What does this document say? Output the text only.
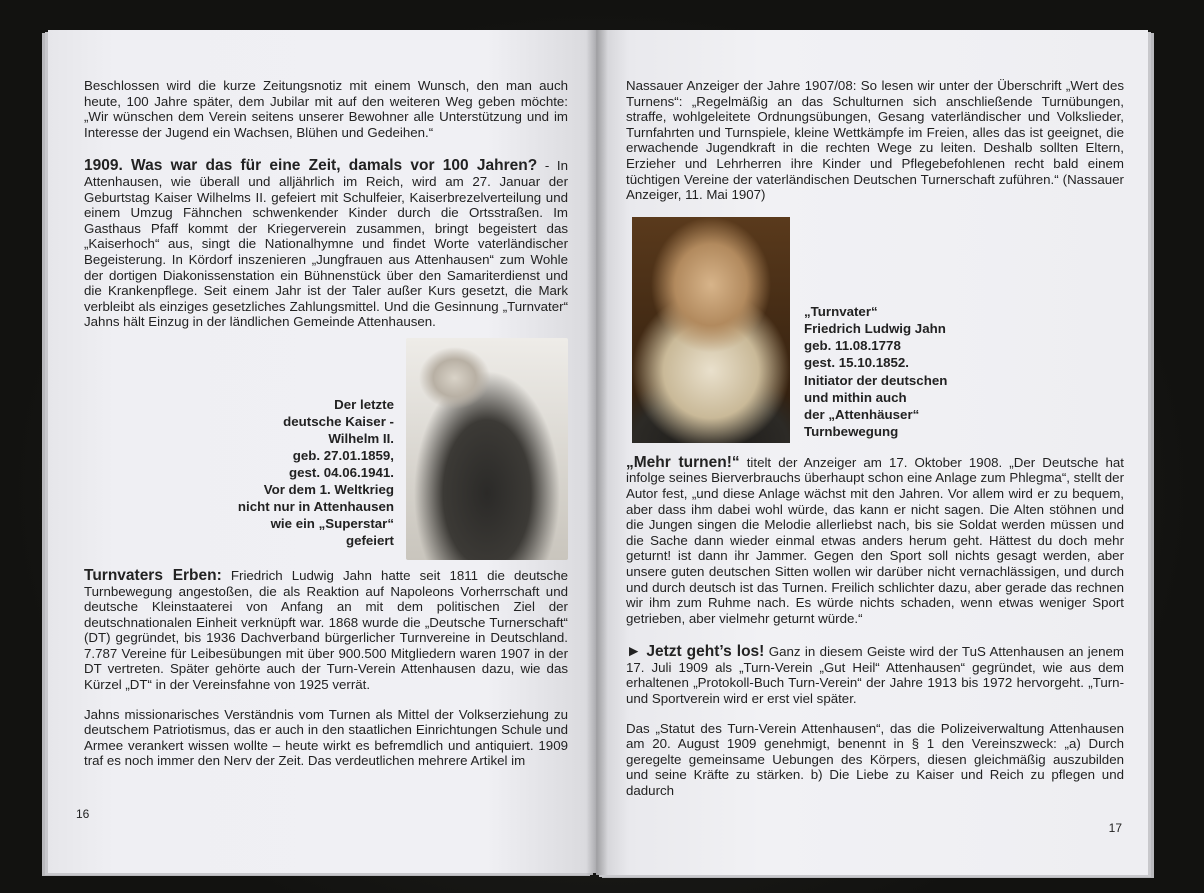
Beschlossen wird die kurze Zeitungsnotiz mit einem Wunsch, den man auch heute, 100 Jahre später, dem Jubilar mit auf den weiteren Weg geben möchte: „Wir wünschen dem Verein seitens unserer Bewohner alle Unterstützung und im Interesse der Jugend ein Wachsen, Blühen und Gedeihen.“

1909. Was war das für eine Zeit, damals vor 100 Jahren? - In Attenhausen, wie überall und alljährlich im Reich, wird am 27. Januar der Geburtstag Kaiser Wilhelms II. gefeiert mit Schulfeier, Kaiserbrezelverteilung und einem Umzug Fähnchen schwenkender Kinder durch die Ortsstraßen. Im Gasthaus Pfaff kommt der Kriegerverein zusammen, bringt begeistert das „Kaiserhoch“ aus, singt die Nationalhymne und findet Worte vaterländischer Begeisterung. In Kördorf inszenieren „Jungfrauen aus Attenhausen“ zum Wohle der dortigen Diakonissenstation ein Bühnenstück über den Samariterdienst und die Krankenpflege. Seit einem Jahr ist der Taler außer Kurs gesetzt, die Mark verbleibt als einziges gesetzliches Zahlungsmittel. Und die Gesinnung „Turnvater“ Jahns hält Einzug in der ländlichen Gemeinde Attenhausen.

Der letzte
deutsche Kaiser -
Wilhelm II.
geb. 27.01.1859,
gest. 04.06.1941.
Vor dem 1. Weltkrieg
nicht nur in Attenhausen
wie ein „Superstar“
gefeiert

Turnvaters Erben: Friedrich Ludwig Jahn hatte seit 1811 die deutsche Turnbewegung angestoßen, die als Reaktion auf Napoleons Vorherrschaft und deutsche Kleinstaaterei von Anfang an mit dem politischen Ziel der deutschnationalen Einheit verknüpft war. 1868 wurde die „Deutsche Turnerschaft“ (DT) gegründet, bis 1936 Dachverband bürgerlicher Turnvereine in Deutschland. 7.787 Vereine für Leibesübungen mit über 900.500 Mitgliedern waren 1907 in der DT vertreten. Später gehörte auch der Turn-Verein Attenhausen dazu, wie das Kürzel „DT“ in der Vereinsfahne von 1925 verrät.

Jahns missionarisches Verständnis vom Turnen als Mittel der Volkserziehung zu deutschem Patriotismus, das er auch in den staatlichen Einrichtungen Schule und Armee verankert wissen wollte – heute wirkt es befremdlich und antiquiert. 1909 traf es noch immer den Nerv der Zeit. Das verdeutlichen mehrere Artikel im

16

Nassauer Anzeiger der Jahre 1907/08: So lesen wir unter der Überschrift „Wert des Turnens“: „Regelmäßig an das Schulturnen sich anschließende Turnübungen, straffe, wohlgeleitete Ordnungsübungen, Gesang vaterländischer und Volkslieder, Turnfahrten und Turnspiele, kleine Wettkämpfe im Freien, alles das ist geeignet, die erwachende Jugendkraft in die rechten Wege zu leiten. Deshalb sollten Eltern, Erzieher und Lehrherren ihre Kinder und Pflegebefohlenen recht bald einem tüchtigen Vereine der vaterländischen Deutschen Turnerschaft zuführen.“ (Nassauer Anzeiger, 11. Mai 1907)

„Turnvater“
Friedrich Ludwig Jahn
geb. 11.08.1778
gest. 15.10.1852.
Initiator der deutschen
und mithin auch
der „Attenhäuser“
Turnbewegung

„Mehr turnen!“ titelt der Anzeiger am 17. Oktober 1908. „Der Deutsche hat infolge seines Bierverbrauchs überhaupt schon eine Anlage zum Phlegma“, stellt der Autor fest, „und diese Anlage wächst mit den Jahren. Vor allem wird er zu bequem, aber dass ihm dabei wohl würde, das kann er nicht sagen. Die Alten stöhnen und die Jungen singen die Melodie allerliebst nach, bis sie Soldat werden müssen und die Sache dann wieder einmal etwas anders herum geht. Hättest du doch mehr geturnt! ist dann ihr Jammer. Gegen den Sport soll nichts gesagt werden, aber unsere guten deutschen Sitten wollen wir darüber nicht vernachlässigen, und durch und durch deutsch ist das Turnen. Freilich schlichter dazu, aber gerade das rechnen wir ihm zum Ruhme nach. Es würde nichts schaden, wenn etwas weniger Sport getrieben, aber vielmehr geturnt würde.“

► Jetzt geht’s los! Ganz in diesem Geiste wird der TuS Attenhausen an jenem 17. Juli 1909 als „Turn-Verein „Gut Heil“ Attenhausen“ gegründet, wie aus dem erhaltenen „Protokoll-Buch Turn-Verein“ der Jahre 1913 bis 1972 hervorgeht. „Turn- und Sportverein wird er erst viel später.

Das „Statut des Turn-Verein Attenhausen“, das die Polizeiverwaltung Attenhausen am 20. August 1909 genehmigt, benennt in § 1 den Vereinszweck: „a) Durch geregelte gemeinsame Uebungen des Körpers, diesen gleichmäßig auszubilden und seine Kräfte zu stärken. b) Die Liebe zu Kaiser und Reich zu pflegen und dadurch

17
